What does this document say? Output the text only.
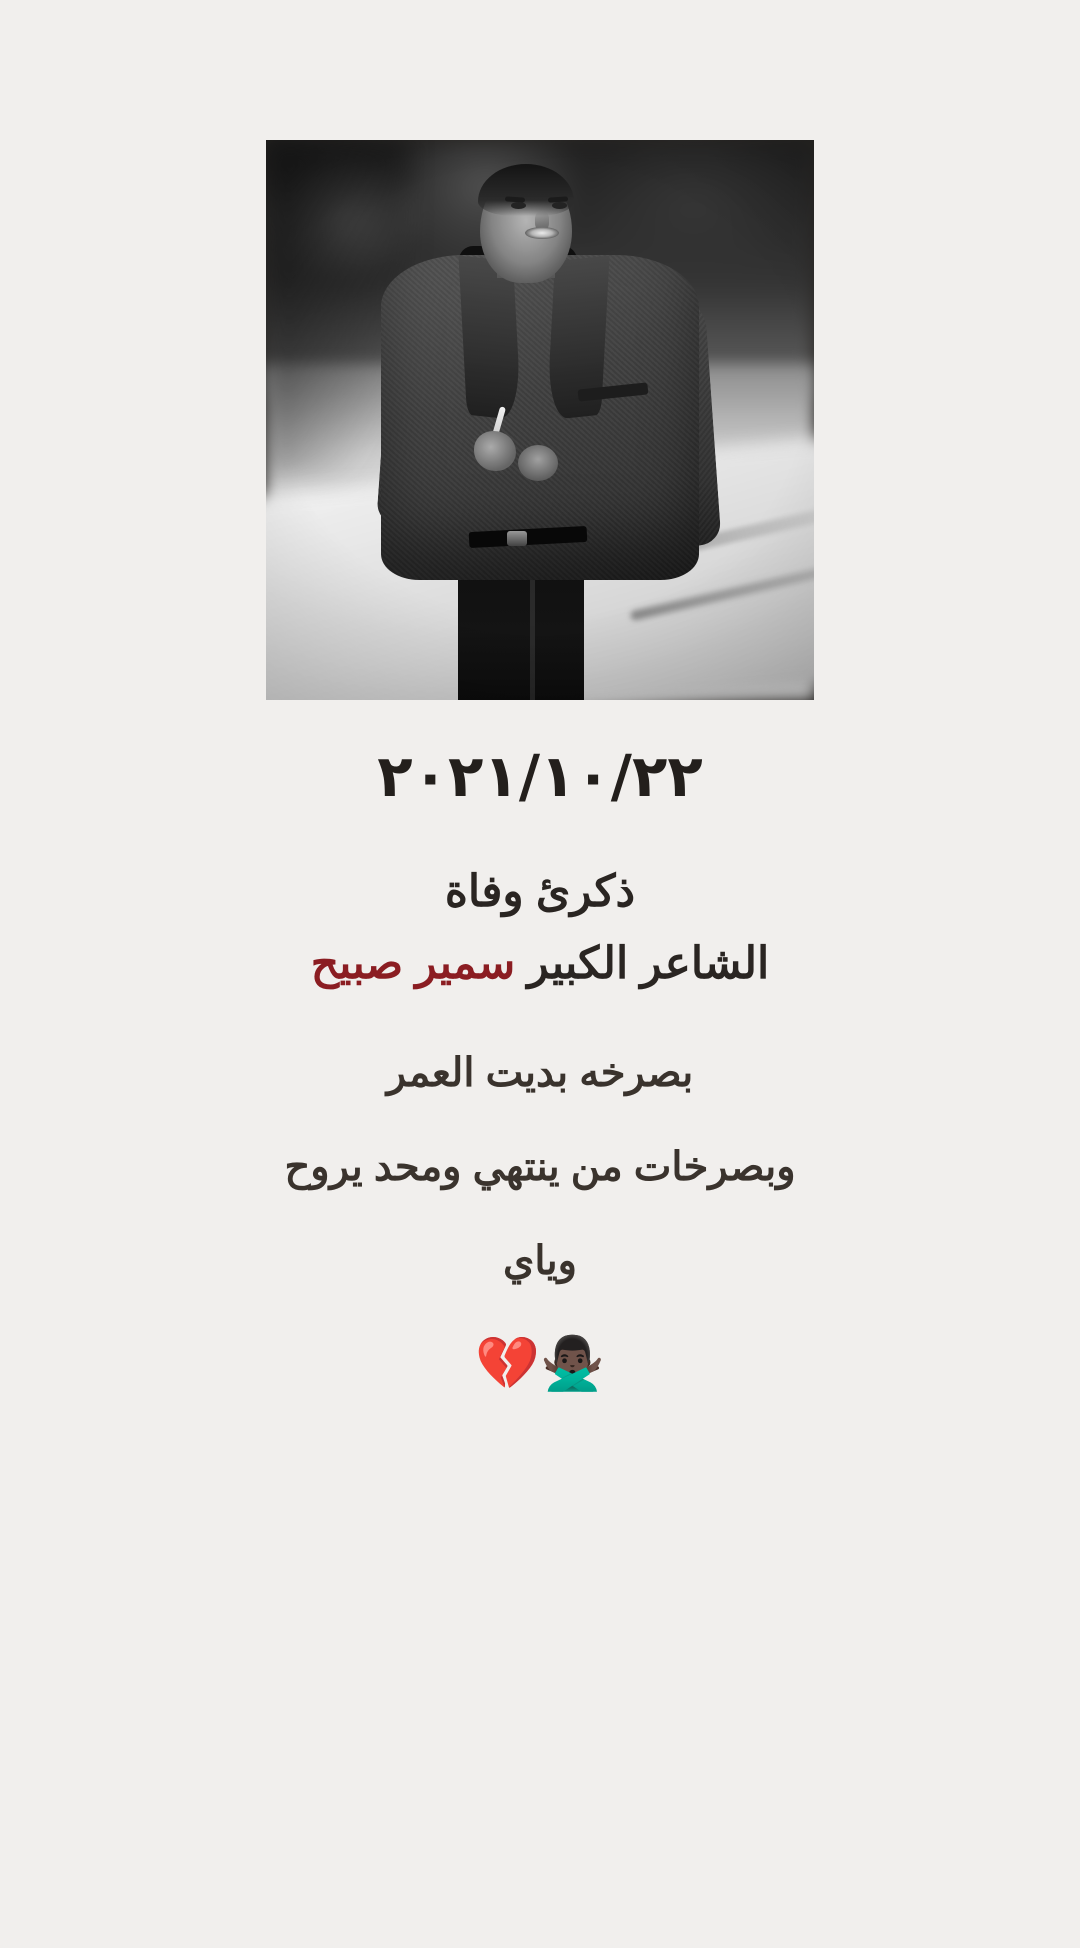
٢٠٢١/١٠/٢٢
ذكرئ وفاة
الشاعر الكبير سمير صبيح
بصرخه بديت العمر
وبصرخات من ينتهي ومحد يروح
وياي
🙅🏿‍♂️💔
